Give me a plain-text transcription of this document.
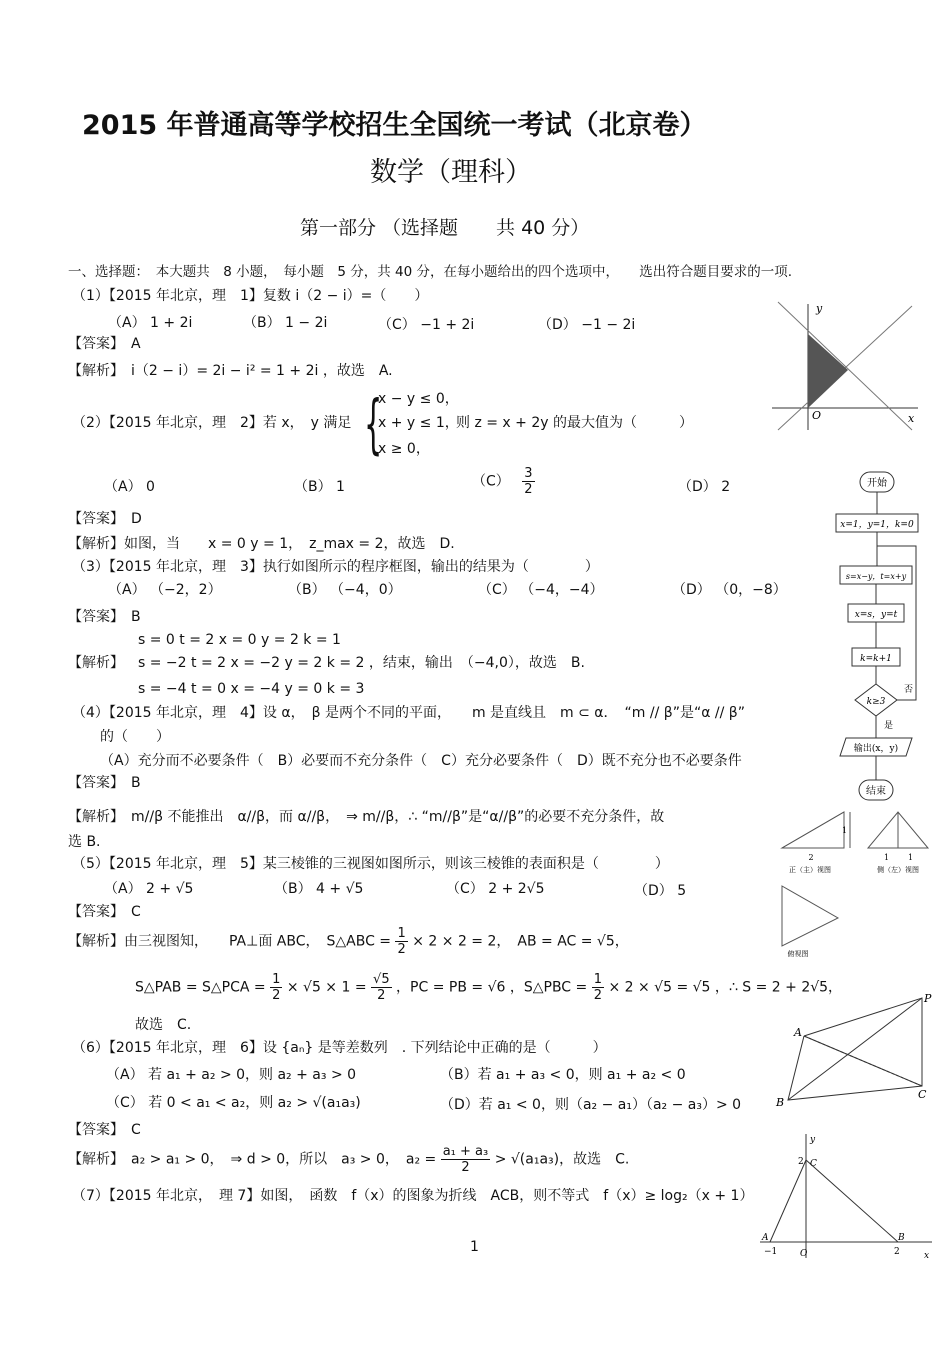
2015 年普通高等学校招生全国统一考试（北京卷）
数学（理科）
第一部分 （选择题　　共 40 分）
一、选择题：　本大题共　8 小题，　每小题　5 分，共 40 分，在每小题给出的四个选项中，　　选出符合题目要求的一项.
（1）【2015 年北京，理　1】复数 i（2 − i）=（　　）
（A） 1 + 2i	（B） 1 − 2i	（C） −1 + 2i	（D） −1 − 2i
【答案】　 A
【解析】　 i（2 − i）= 2i − i² = 1 + 2i ，故选　A.
（2）【2015 年北京，理　2】若 x，　y 满足 {
x − y ≤ 0，
x + y ≤ 1，
x ≥ 0，
则 z = x + 2y 的最大值为（　　　）
（A） 0	（B） 1	$(C) \frac{3}{2}$	（D） 2
【答案】　 D
【解析】如图，当　　x = 0 y = 1，　z_max = 2，故选　D.
（3）【2015 年北京，理　3】执行如图所示的程序框图，输出的结果为（　　　　）
（A） （−2，2）	（B） （−4，0）	（C） （−4，−4）	（D） （0，−8）
【答案】　 B
s = 0 t = 2 x = 0 y = 2 k = 1
【解析】 s = −2 t = 2 x = −2 y = 2 k = 2 ，结束，输出　（−4,0），故选　B.
s = −4 t = 0 x = −4 y = 0 k = 3
（4）【2015 年北京，理　4】设 α，　β 是两个不同的平面，　　m 是直线且　m ⊂ α．　“m // β”是“α // β”
的（　　）
（A）充分而不必要条件（　B）必要而不充分条件（　C）充分必要条件（　D）既不充分也不必要条件
【答案】　 B
【解析】　m//β 不能推出　α//β，而 α//β，　⇒ m//β，∴ “m//β”是“α//β”的必要不充分条件，故
选 B.
（5）【2015 年北京，理　5】某三棱锥的三视图如图所示，则该三棱锥的表面积是（　　　　）
（A） 2 + √5	（B） 4 + √5	（C） 2 + 2√5	（D） 5
【答案】　 C
【解析】由三视图知，　　PA⊥面 ABC，　S△ABC = $\frac{1}{2} \times 2 \times 2 = 2$，　AB = AC = √5，
S△PAB = S△PCA = $\frac{1}{2} \times √5 \times 1 = \frac{√5}{2}$ ，PC = PB = √6 ，S△PBC = $\frac{1}{2} \times 2 \times √5 = √5$ ，∴ S = 2 + 2√5，
故选　C.
（6）【2015 年北京，理　6】设 {aₙ} 是等差数列　. 下列结论中正确的是（　　　）
（A） 若 a₁ + a₂ > 0，则 a₂ + a₃ > 0	（B）若 a₁ + a₃ < 0，则 a₁ + a₂ < 0
（C） 若 0 < a₁ < a₂，则 a₂ > √(a₁a₃)	（D）若 a₁ < 0，则（a₂ − a₁）（a₂ − a₃）> 0
【答案】　 C
【解析】　a₂ > a₁ > 0，　⇒ d > 0，所以　a₃ > 0，　$a_2 = \frac{\text{a₁ + a₃}}{2} > √(a_1a_3)$，故选　C.
（7）【2015 年北京，　理 7】如图，　函数　f（x）的图象为折线　ACB，则不等式　f（x）≥ log₂（x + 1）
1
y
x
O
开始
x=1，y=1，k=0
s=x−y，t=x+y
x=s，y=t
k=k+1
k≥3
否
是
输出(x，y)
结束
1
2
正（主）视图
1 1
侧（左）视图
俯视图
P
A
B
C
y
x
O
A	B
C
−1	2
2
